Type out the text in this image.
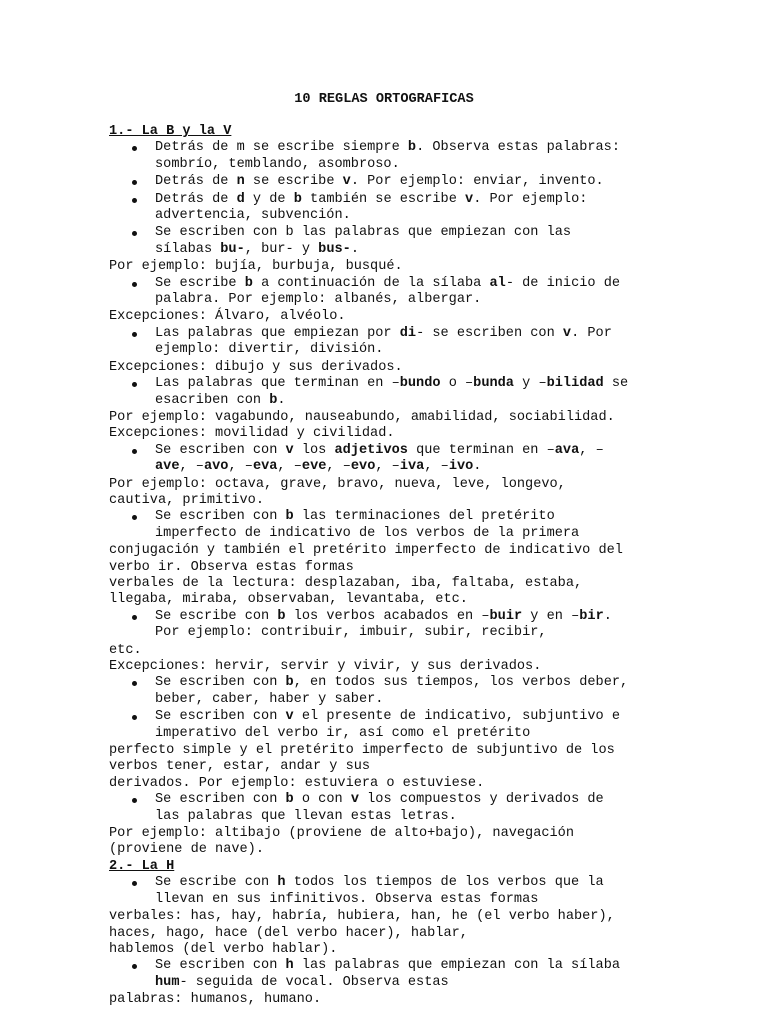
10 REGLAS ORTOGRAFICAS
1.- La B y la V
Detrás de m se escribe siempre b. Observa estas palabras:
sombrío, temblando, asombroso.
Detrás de n se escribe v. Por ejemplo: enviar, invento.
Detrás de d y de b también se escribe v. Por ejemplo:
advertencia, subvención.
Se escriben con b las palabras que empiezan con las
sílabas bu-, bur- y bus-.
Por ejemplo: bujía, burbuja, busqué.
Se escribe b a continuación de la sílaba al- de inicio de
palabra. Por ejemplo: albanés, albergar.
Excepciones: Álvaro, alvéolo.
Las palabras que empiezan por di- se escriben con v. Por
ejemplo: divertir, división.
Excepciones: dibujo y sus derivados.
Las palabras que terminan en –bundo o –bunda y –bilidad se
esacriben con b.
Por ejemplo: vagabundo, nauseabundo, amabilidad, sociabilidad.
Excepciones: movilidad y civilidad.
Se escriben con v los adjetivos que terminan en –ava, –
ave, –avo, –eva, –eve, –evo, –iva, –ivo.
Por ejemplo: octava, grave, bravo, nueva, leve, longevo,
cautiva, primitivo.
Se escriben con b las terminaciones del pretérito
imperfecto de indicativo de los verbos de la primera
conjugación y también el pretérito imperfecto de indicativo del
verbo ir. Observa estas formas
verbales de la lectura: desplazaban, iba, faltaba, estaba,
llegaba, miraba, observaban, levantaba, etc.
Se escribe con b los verbos acabados en –buir y en –bir.
Por ejemplo: contribuir, imbuir, subir, recibir,
etc.
Excepciones: hervir, servir y vivir, y sus derivados.
Se escriben con b, en todos sus tiempos, los verbos deber,
beber, caber, haber y saber.
Se escriben con v el presente de indicativo, subjuntivo e
imperativo del verbo ir, así como el pretérito
perfecto simple y el pretérito imperfecto de subjuntivo de los
verbos tener, estar, andar y sus
derivados. Por ejemplo: estuviera o estuviese.
Se escriben con b o con v los compuestos y derivados de
las palabras que llevan estas letras.
Por ejemplo: altibajo (proviene de alto+bajo), navegación
(proviene de nave).
2.- La H
Se escribe con h todos los tiempos de los verbos que la
llevan en sus infinitivos. Observa estas formas
verbales: has, hay, habría, hubiera, han, he (el verbo haber),
haces, hago, hace (del verbo hacer), hablar,
hablemos (del verbo hablar).
Se escriben con h las palabras que empiezan con la sílaba
hum- seguida de vocal. Observa estas
palabras: humanos, humano.
